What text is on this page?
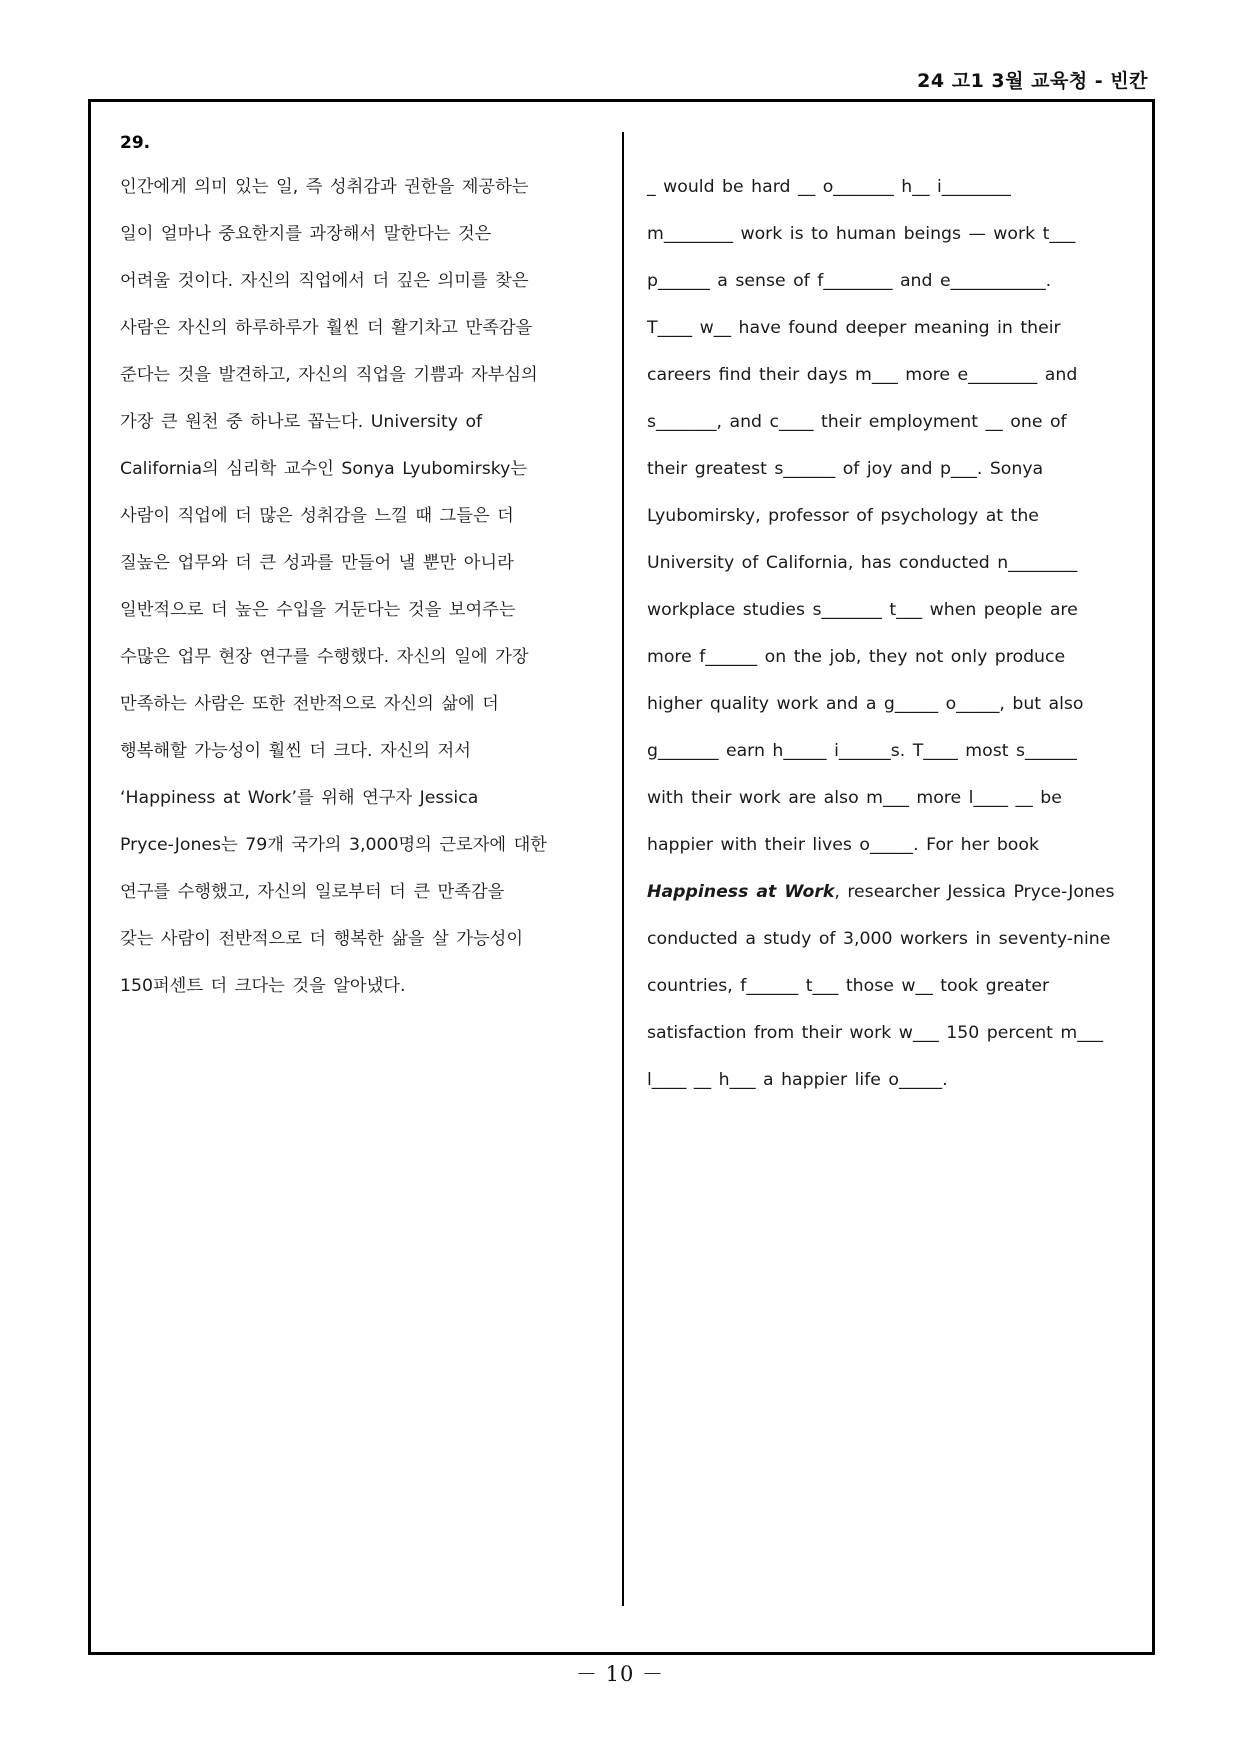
24 고1 3월 교육청 - 빈칸
29.
인간에게 의미 있는 일, 즉 성취감과 권한을 제공하는
일이 얼마나 중요한지를 과장해서 말한다는 것은
어려울 것이다. 자신의 직업에서 더 깊은 의미를 찾은
사람은 자신의 하루하루가 훨씬 더 활기차고 만족감을
준다는 것을 발견하고, 자신의 직업을 기쁨과 자부심의
가장 큰 원천 중 하나로 꼽는다. University of
California의 심리학 교수인 Sonya Lyubomirsky는
사람이 직업에 더 많은 성취감을 느낄 때 그들은 더
질높은 업무와 더 큰 성과를 만들어 낼 뿐만 아니라
일반적으로 더 높은 수입을 거둔다는 것을 보여주는
수많은 업무 현장 연구를 수행했다. 자신의 일에 가장
만족하는 사람은 또한 전반적으로 자신의 삶에 더
행복해할 가능성이 훨씬 더 크다. 자신의 저서
‘Happiness at Work’를 위해 연구자 Jessica
Pryce-Jones는 79개 국가의 3,000명의 근로자에 대한
연구를 수행했고, 자신의 일로부터 더 큰 만족감을
갖는 사람이 전반적으로 더 행복한 삶을 살 가능성이
150퍼센트 더 크다는 것을 알아냈다.
_ would be hard __ o_______ h__ i________
m________ work is to human beings — work t___
p______ a sense of f________ and e___________.
T____ w__ have found deeper meaning in their
careers find their days m___ more e________ and
s_______, and c____ their employment __ one of
their greatest s______ of joy and p___. Sonya
Lyubomirsky, professor of psychology at the
University of California, has conducted n________
workplace studies s_______ t___ when people are
more f______ on the job, they not only produce
higher quality work and a g_____ o_____, but also
g_______ earn h_____ i______s. T____ most s______
with their work are also m___ more l____ __ be
happier with their lives o_____. For her book
Happiness at Work, researcher Jessica Pryce-Jones
conducted a study of 3,000 workers in seventy-nine
countries, f______ t___ those w__ took greater
satisfaction from their work w___ 150 percent m___
l____ __ h___ a happier life o_____.
－ 10 －
